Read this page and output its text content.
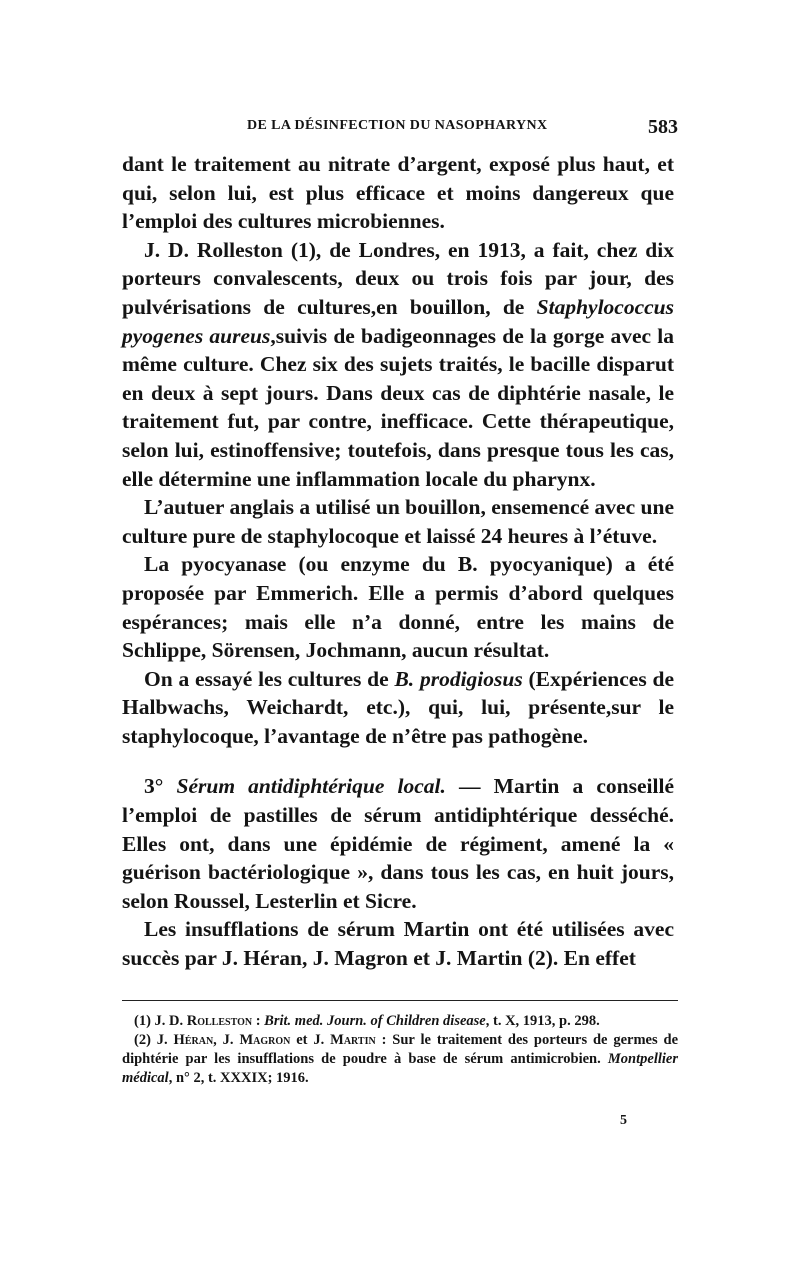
DE LA DÉSINFECTION DU NASOPHARYNX	583

dant le traitement au nitrate d’argent, exposé plus haut, et qui, selon lui, est plus efficace et moins dangereux que l’emploi des cultures microbiennes.

J. D. Rolleston (1), de Londres, en 1913, a fait, chez dix porteurs convalescents, deux ou trois fois par jour, des pulvérisations de cultures,en bouillon, de Staphylococcus pyogenes aureus,suivis de badigeonnages de la gorge avec la même culture. Chez six des sujets traités, le bacille disparut en deux à sept jours. Dans deux cas de diphtérie nasale, le traitement fut, par contre, inefficace. Cette thérapeutique, selon lui, estinoffensive; toutefois, dans presque tous les cas, elle détermine une inflammation locale du pharynx.

L’autuer anglais a utilisé un bouillon, ensemencé avec une culture pure de staphylocoque et laissé 24 heures à l’étuve.

La pyocyanase (ou enzyme du B. pyocyanique) a été proposée par Emmerich. Elle a permis d’abord quelques espérances; mais elle n’a donné, entre les mains de Schlippe, Sörensen, Jochmann, aucun résultat.

On a essayé les cultures de B. prodigiosus (Expériences de Halbwachs, Weichardt, etc.), qui, lui, présente,sur le staphylocoque, l’avantage de n’être pas pathogène.

3° Sérum antidiphtérique local. — Martin a conseillé l’emploi de pastilles de sérum antidiphtérique desséché. Elles ont, dans une épidémie de régiment, amené la « guérison bactériologique », dans tous les cas, en huit jours, selon Roussel, Lesterlin et Sicre.

Les insufflations de sérum Martin ont été utilisées avec succès par J. Héran, J. Magron et J. Martin (2). En effet

(1) J. D. Rolleston : Brit. med. Journ. of Children disease, t. X, 1913, p. 298.

(2) J. Héran, J. Magron et J. Martin : Sur le traitement des porteurs de germes de diphtérie par les insufflations de poudre à base de sérum antimicrobien. Montpellier médical, n° 2, t. XXXIX; 1916.

5
